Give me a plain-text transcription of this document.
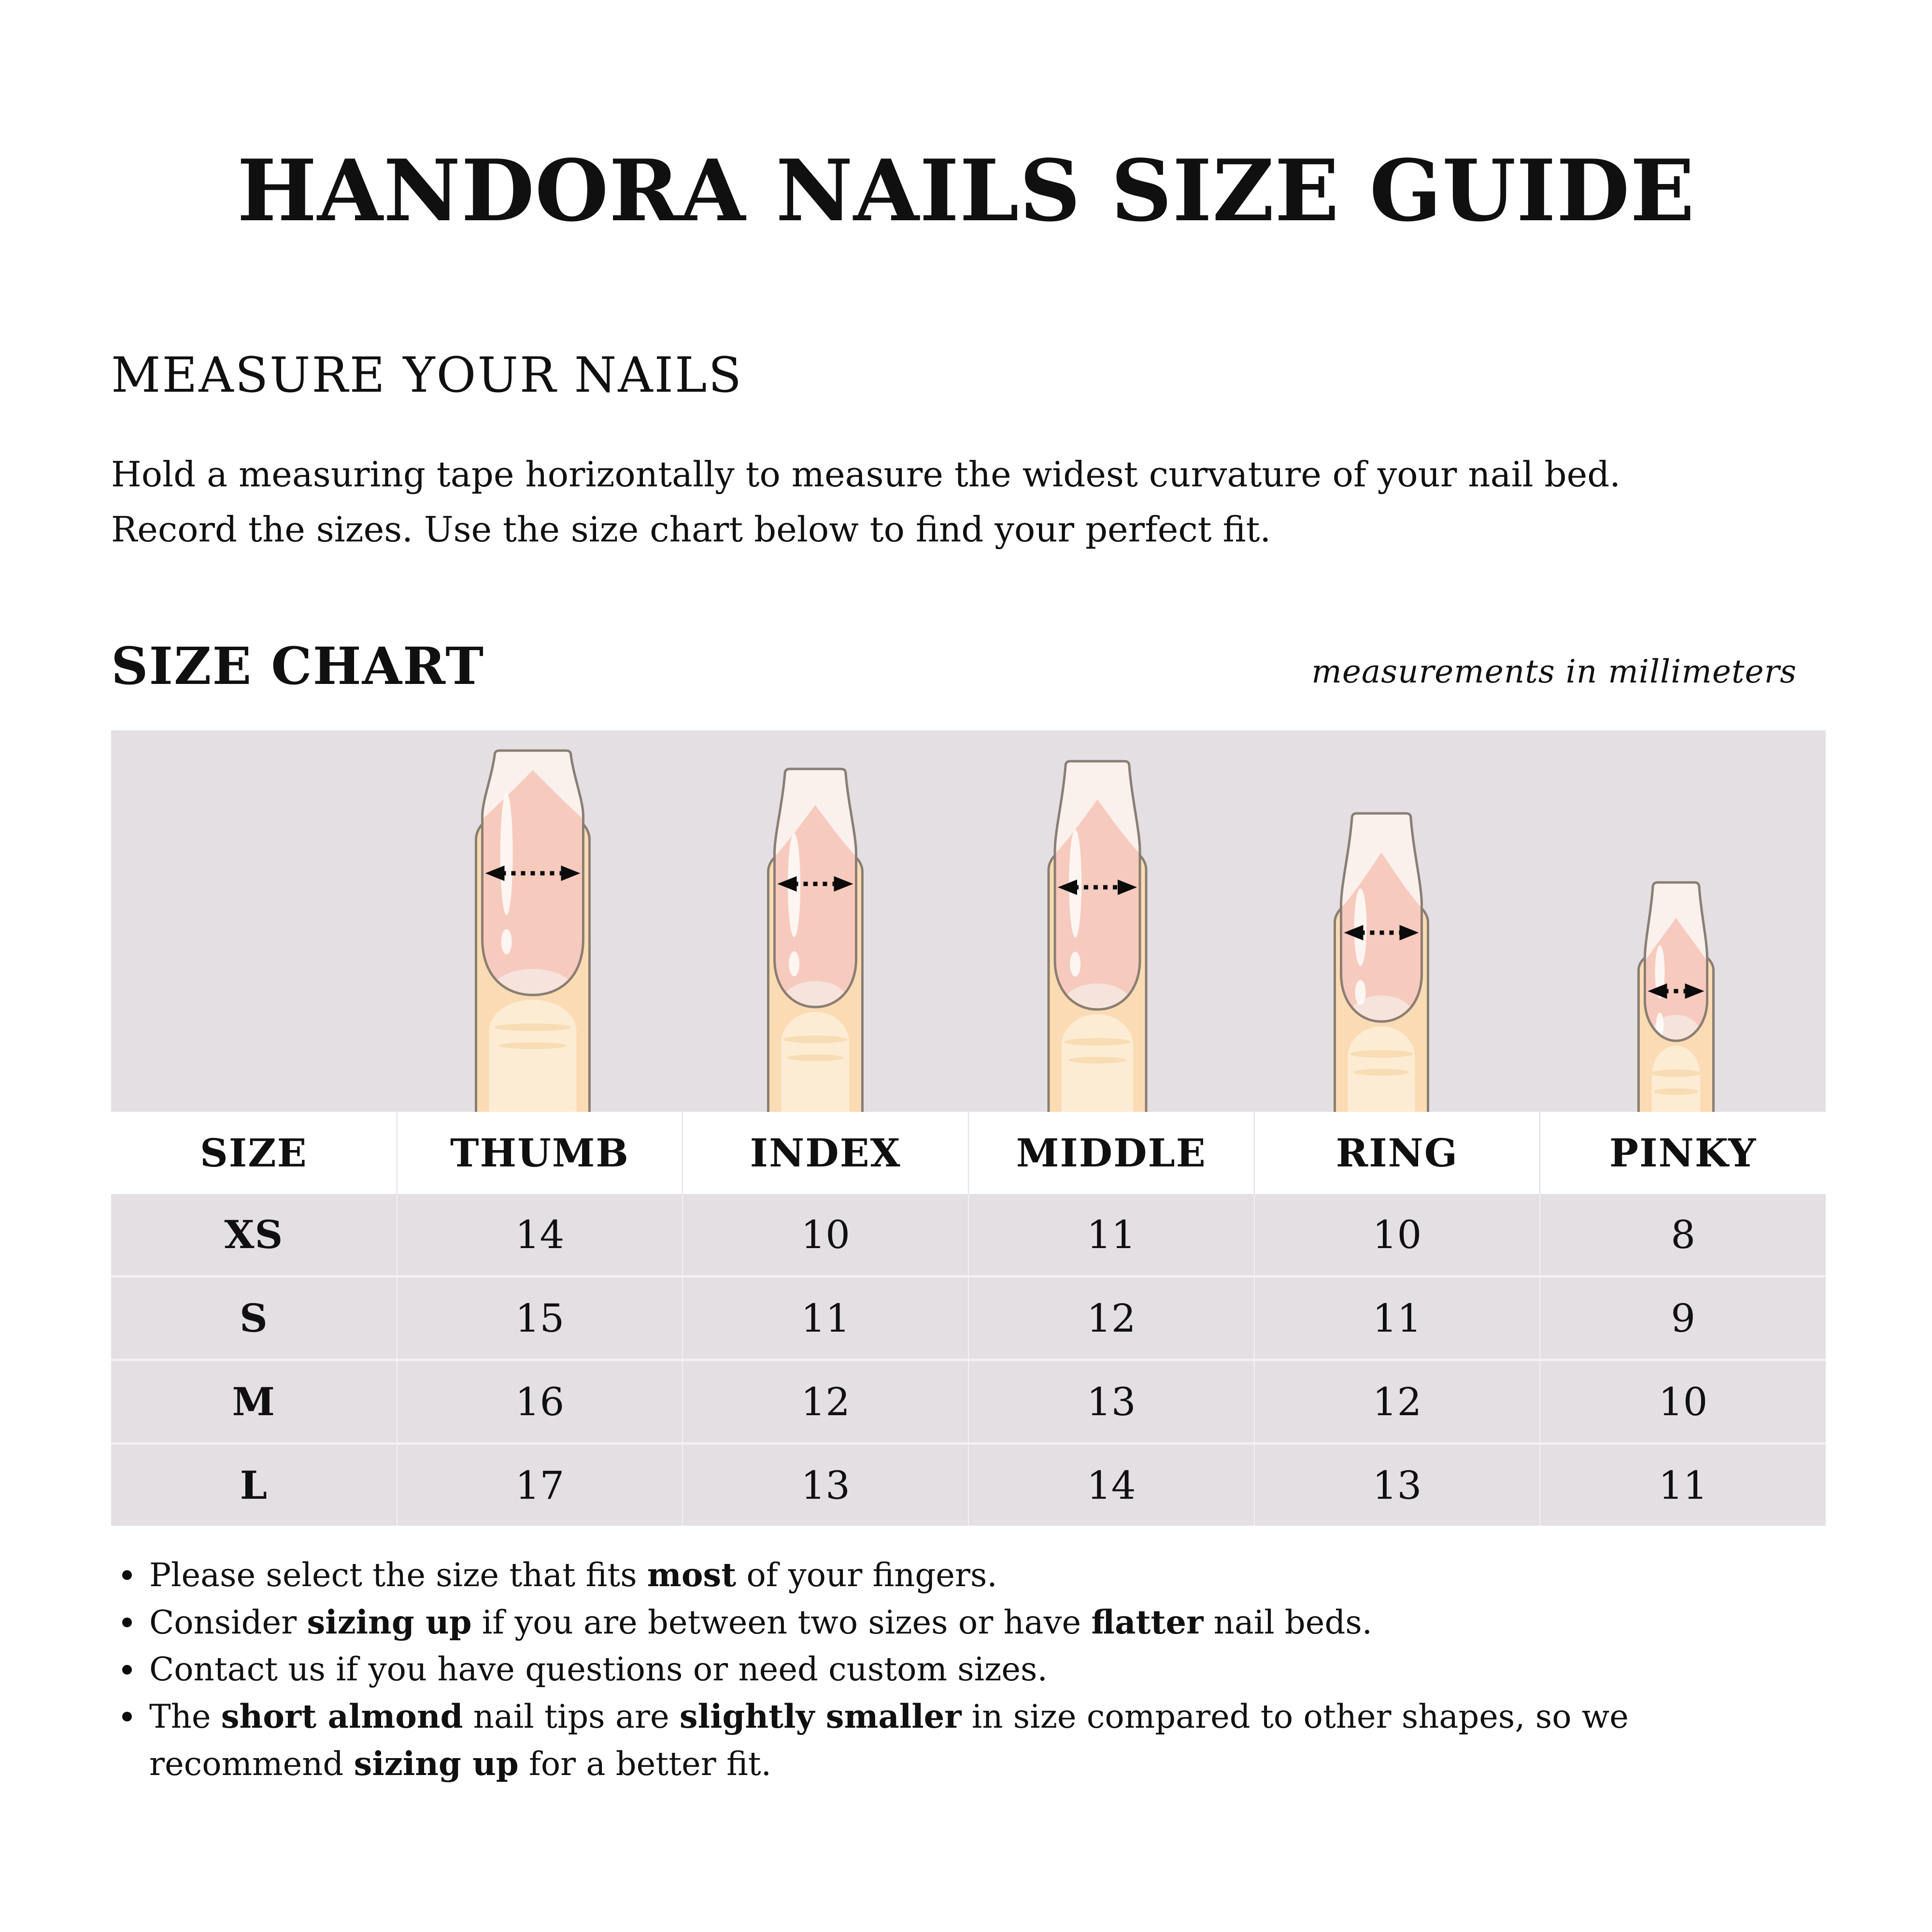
HANDORA NAILS SIZE GUIDE
MEASURE YOUR NAILS
Hold a measuring tape horizontally to measure the widest curvature of your nail bed.
Record the sizes. Use the size chart below to find your perfect fit.
SIZE CHART	measurements in millimeters
SIZE	THUMB	INDEX	MIDDLE	RING	PINKY
XS	14	10	11	10	8
S	15	11	12	11	9
M	16	12	13	12	10
L	17	13	14	13	11
Please select the size that fits most of your fingers.
Consider sizing up if you are between two sizes or have flatter nail beds.
Contact us if you have questions or need custom sizes.
The short almond nail tips are slightly smaller in size compared to other shapes, so we recommend sizing up for a better fit.
